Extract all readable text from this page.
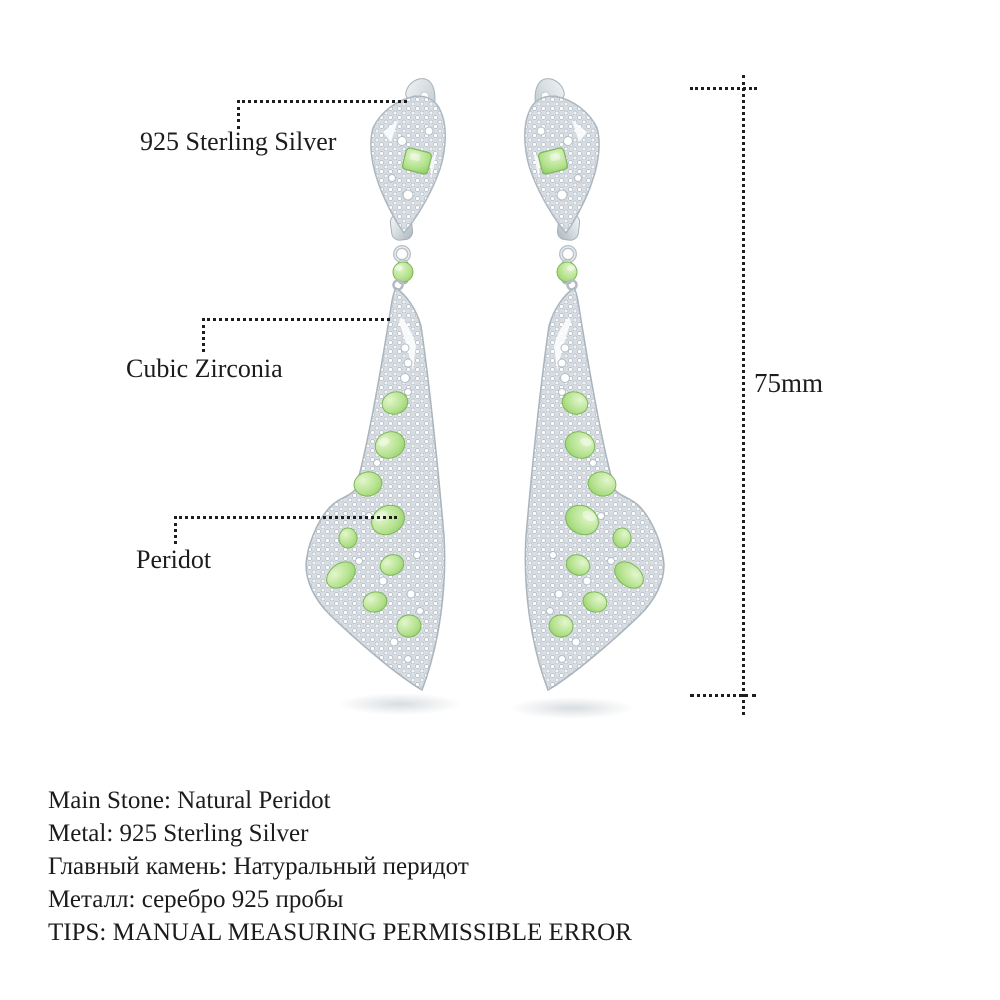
925 Sterling Silver
Cubic Zirconia
Peridot
75mm
Main Stone: Natural Peridot
Metal: 925 Sterling Silver
Главный камень: Натуральный перидот
Металл: серебро 925 пробы
TIPS: MANUAL MEASURING PERMISSIBLE ERROR
